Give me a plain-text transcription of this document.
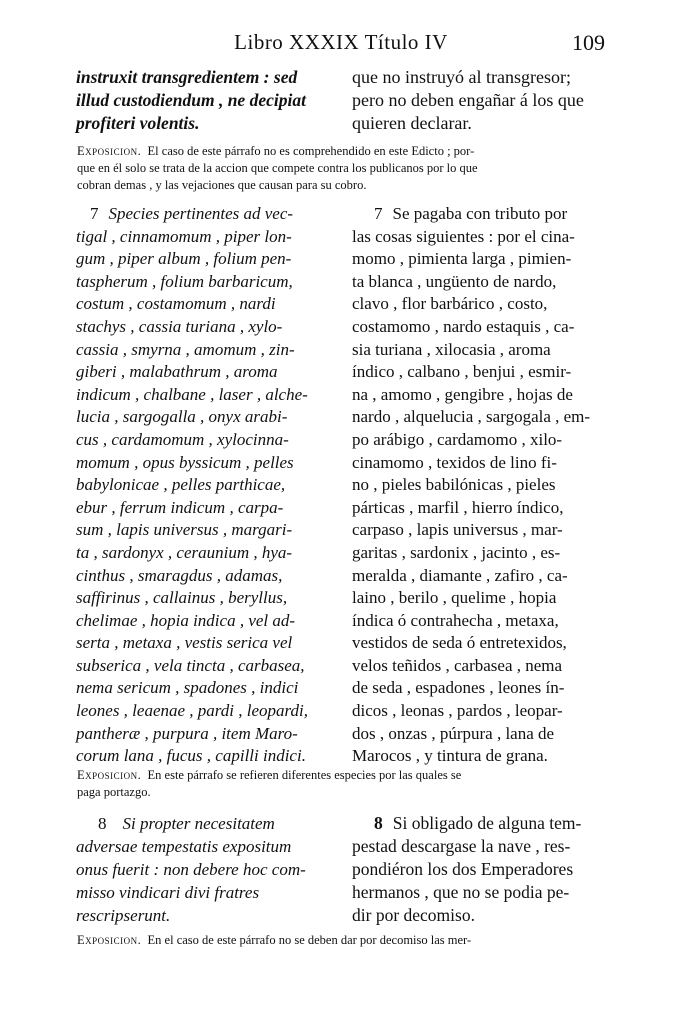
Libro XXXIX Título IV	109
instruxit transgredientem : sed
illud custodiendum , ne decipiat
profiteri volentis.
que no instruyó al transgresor;
pero no deben engañar á los que
quieren declarar.
Exposicion. El caso de este párrafo no es comprehendido en este Edicto ; por-
que en él solo se trata de la accion que compete contra los publicanos por lo que
cobran demas , y las vejaciones que causan para su cobro.
7 Species pertinentes ad vec-
tigal , cinnamomum , piper lon-
gum , piper album , folium pen-
taspherum , folium barbaricum,
costum , costamomum , nardi
stachys , cassia turiana , xylo-
cassia , smyrna , amomum , zin-
giberi , malabathrum , aroma
indicum , chalbane , laser , alche-
lucia , sargogalla , onyx arabi-
cus , cardamomum , xylocinna-
momum , opus byssicum , pelles
babylonicae , pelles parthicae,
ebur , ferrum indicum , carpa-
sum , lapis universus , margari-
ta , sardonyx , ceraunium , hya-
cinthus , smaragdus , adamas,
saffirinus , callainus , beryllus,
chelimae , hopia indica , vel ad-
serta , metaxa , vestis serica vel
subserica , vela tincta , carbasea,
nema sericum , spadones , indici
leones , leaenae , pardi , leopardi,
pantheræ , purpura , item Maro-
corum lana , fucus , capilli indici.
7 Se pagaba con tributo por
las cosas siguientes : por el cina-
momo , pimienta larga , pimien-
ta blanca , ungüento de nardo,
clavo , flor barbárico , costo,
costamomo , nardo estaquis , ca-
sia turiana , xilocasia , aroma
índico , calbano , benjui , esmir-
na , amomo , gengibre , hojas de
nardo , alquelucia , sargogala , em-
po arábigo , cardamomo , xilo-
cinamomo , texidos de lino fi-
no , pieles babilónicas , pieles
párticas , marfil , hierro índico,
carpaso , lapis universus , mar-
garitas , sardonix , jacinto , es-
meralda , diamante , zafiro , ca-
laino , berilo , quelime , hopia
índica ó contrahecha , metaxa,
vestidos de seda ó entretexidos,
velos teñidos , carbasea , nema
de seda , espadones , leones ín-
dicos , leonas , pardos , leopar-
dos , onzas , púrpura , lana de
Marocos , y tintura de grana.
Exposicion. En este párrafo se refieren diferentes especies por las quales se
paga portazgo.
8 Si propter necesitatem
adversae tempestatis expositum
onus fuerit : non debere hoc com-
misso vindicari divi fratres
rescripserunt.
8 Si obligado de alguna tem-
pestad descargase la nave , res-
pondiéron los dos Emperadores
hermanos , que no se podia pe-
dir por decomiso.
Exposicion. En el caso de este párrafo no se deben dar por decomiso las mer-
